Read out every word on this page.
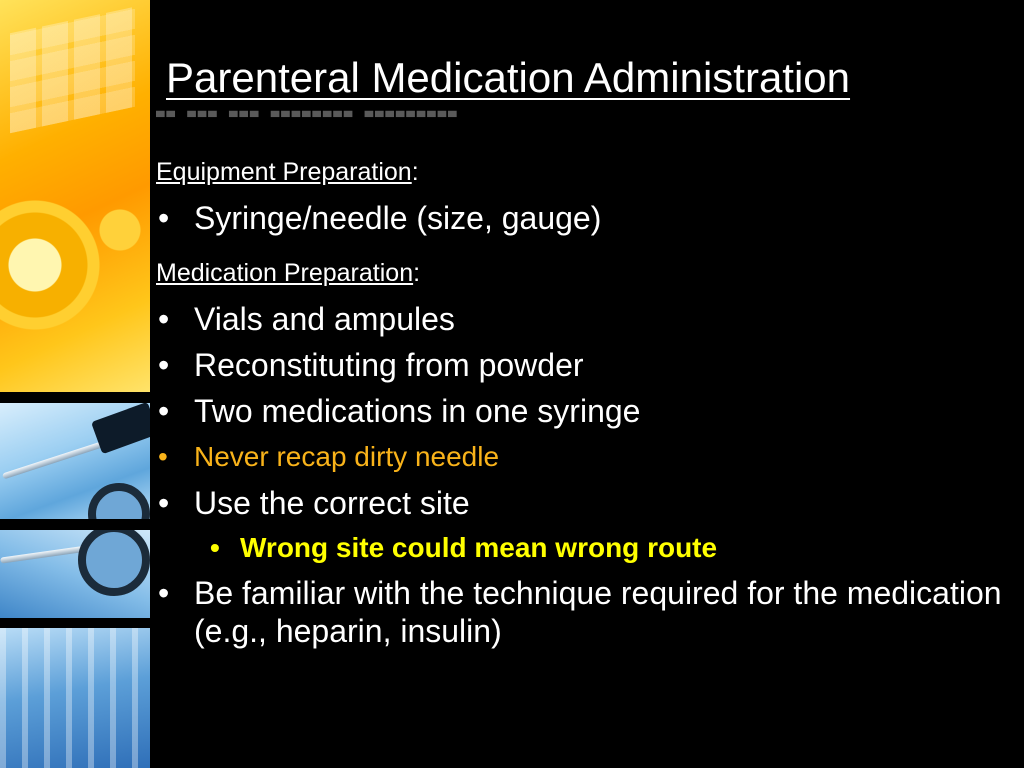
Parenteral Medication Administration
▀▀ ▀▀▀ ▀▀▀ ▀▀▀▀▀▀▀▀ ▀▀▀▀▀▀▀▀▀

Equipment Preparation:

• Syringe/needle (size, gauge)

Medication Preparation:

• Vials and ampules
• Reconstituting from powder
• Two medications in one syringe
• Never recap dirty needle
• Use the correct site
• Wrong site could mean wrong route
• Be familiar with the technique required for the medication (e.g., heparin, insulin)
